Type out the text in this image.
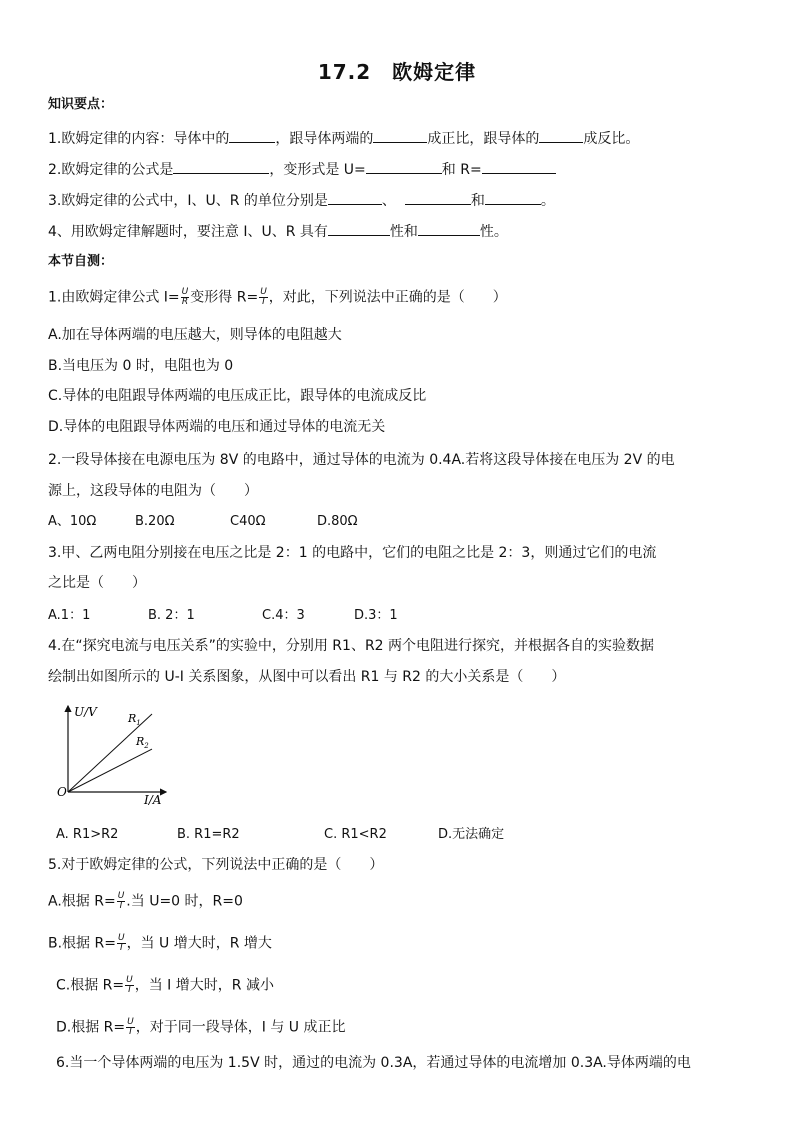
17.2　欧姆定律
知识要点：
1.欧姆定律的内容：导体中的	，跟导体两端的	成正比，跟导体的	成反比。
2.欧姆定律的公式是	，变形式是 U=	和 R=
3.欧姆定律的公式中，I、U、R 的单位分别是	、	和	。
4、用欧姆定律解题时，要注意 I、U、R 具有	性和	性。
本节自测：
1.由欧姆定律公式 $I= \frac{U}{R}$ 变形得 $R= \frac{U}{I}$ ，对此，下列说法中正确的是（　　）
A.加在导体两端的电压越大，则导体的电阻越大
B.当电压为 0 时，电阻也为 0
C.导体的电阻跟导体两端的电压成正比，跟导体的电流成反比
D.导体的电阻跟导体两端的电压和通过导体的电流无关
2.一段导体接在电源电压为 8V 的电路中，通过导体的电流为 0.4A.若将这段导体接在电压为 2V 的电
源上，这段导体的电阻为（　　）
A、10Ω	B.20Ω	C40Ω	D.80Ω
3.甲、乙两电阻分别接在电压之比是 2：1 的电路中，它们的电阻之比是 2：3，则通过它们的电流
之比是（　　）
A.1：1	B. 2：1	C.4：3	D.3：1
4.在“探究电流与电压关系”的实验中，分别用 R1、R2 两个电阻进行探究，并根据各自的实验数据
绘制出如图所示的 U-I 关系图象，从图中可以看出 R1 与 R2 的大小关系是（　　）
U/V
I/A
O
$R_1$
$R_2$
A. R1>R2	B. R1=R2	C. R1<R2	D.无法确定
5.对于欧姆定律的公式，下列说法中正确的是（　　）
A.根据 $R= \frac{U}{I}$ .当 U=0 时，R=0
B.根据 $R= \frac{U}{I}$ ，当 U 增大时，R 增大
C.根据 $R= \frac{U}{I}$ ，当 I 增大时，R 减小
D.根据 $R= \frac{U}{I}$ ，对于同一段导体，I 与 U 成正比
6.当一个导体两端的电压为 1.5V 时，通过的电流为 0.3A，若通过导体的电流增加 0.3A.导体两端的电
